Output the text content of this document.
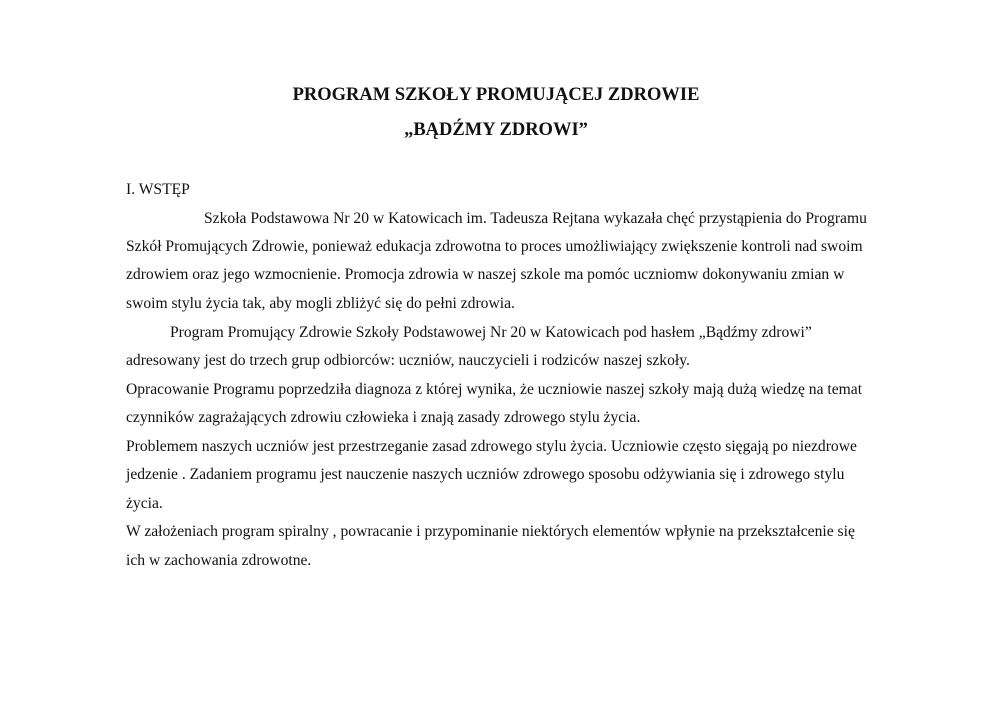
PROGRAM SZKOŁY PROMUJĄCEJ ZDROWIE
„BĄDŹMY ZDROWI”
I. WSTĘP
Szkoła Podstawowa Nr 20 w Katowicach im. Tadeusza Rejtana wykazała chęć przystąpienia do Programu
Szkół Promujących Zdrowie, ponieważ edukacja zdrowotna to proces umożliwiający zwiększenie kontroli nad swoim
zdrowiem oraz jego wzmocnienie. Promocja zdrowia w naszej szkole ma pomóc uczniomw dokonywaniu zmian w
swoim stylu życia tak, aby mogli zbliżyć się do pełni zdrowia.
Program Promujący Zdrowie Szkoły Podstawowej Nr 20 w Katowicach pod hasłem „Bądźmy zdrowi”
adresowany jest do trzech grup odbiorców: uczniów, nauczycieli i rodziców naszej szkoły.
Opracowanie Programu poprzedziła diagnoza z której wynika, że uczniowie naszej szkoły mają dużą wiedzę na temat
czynników zagrażających zdrowiu człowieka i znają zasady zdrowego stylu życia.
Problemem naszych uczniów jest przestrzeganie zasad zdrowego stylu życia. Uczniowie często sięgają po niezdrowe
jedzenie . Zadaniem programu jest nauczenie naszych uczniów zdrowego sposobu odżywiania się i zdrowego stylu
życia.
W założeniach program spiralny , powracanie i przypominanie niektórych elementów wpłynie na przekształcenie się
ich w zachowania zdrowotne.
